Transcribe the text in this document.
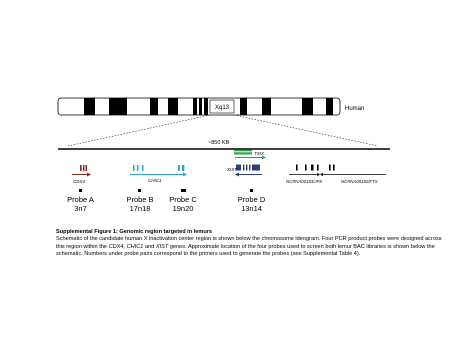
Xq13	Human
~850 KB
CDX4	CHIC1
TSIX
XIST
NCRNA00183/JPX	NCRNA00182/FTX
Probe A
3n7
Probe B
17n18
Probe C
19n20
Probe D
13n14

Supplemental Figure 1: Genomic region targeted in lemurs

Schematic of the candidate human X inactivation center region is shown below the chromosome ideogram. Four PCR product probes were designed across this region within the CDX4, CHIC1 and XIST genes. Approximate location of the four probes used to screen both lemur BAC libraries is shown below the schematic. Numbers under probe pairs correspond to the primers used to generate the probes (see Supplemental Table 4).
